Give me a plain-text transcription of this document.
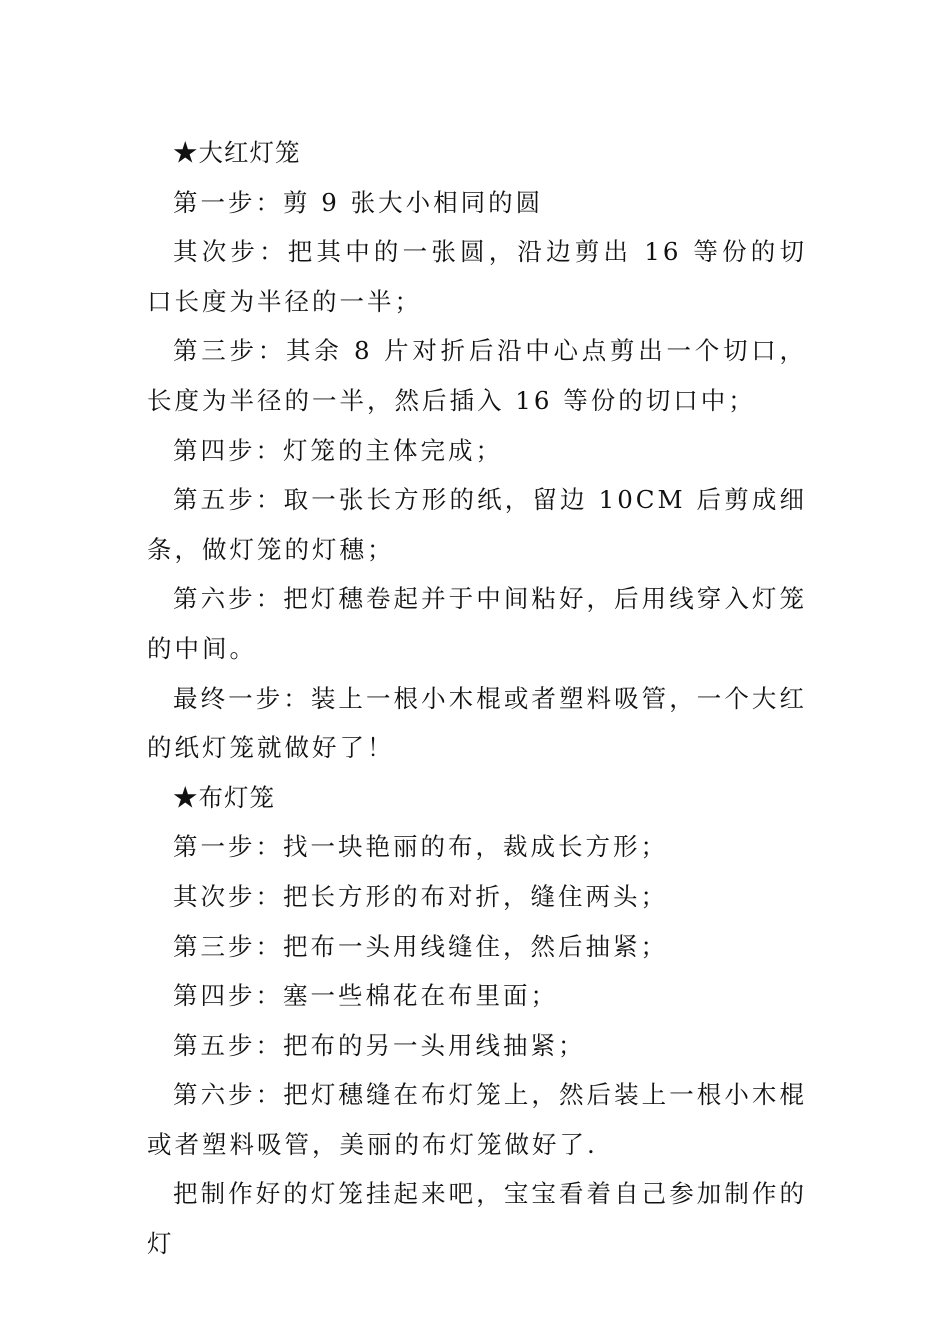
★大红灯笼

第一步：剪 9 张大小相同的圆

其次步：把其中的一张圆，沿边剪出 16 等份的切口长度为半径的一半；

第三步：其余 8 片对折后沿中心点剪出一个切口，长度为半径的一半，然后插入 16 等份的切口中；

第四步：灯笼的主体完成；

第五步：取一张长方形的纸，留边 10CM 后剪成细条，做灯笼的灯穗；

第六步：把灯穗卷起并于中间粘好，后用线穿入灯笼的中间。

最终一步：装上一根小木棍或者塑料吸管，一个大红的纸灯笼就做好了！

★布灯笼

第一步：找一块艳丽的布，裁成长方形；

其次步：把长方形的布对折，缝住两头；

第三步：把布一头用线缝住，然后抽紧；

第四步：塞一些棉花在布里面；

第五步：把布的另一头用线抽紧；

第六步：把灯穗缝在布灯笼上，然后装上一根小木棍或者塑料吸管，美丽的布灯笼做好了.

把制作好的灯笼挂起来吧，宝宝看着自己参加制作的灯
